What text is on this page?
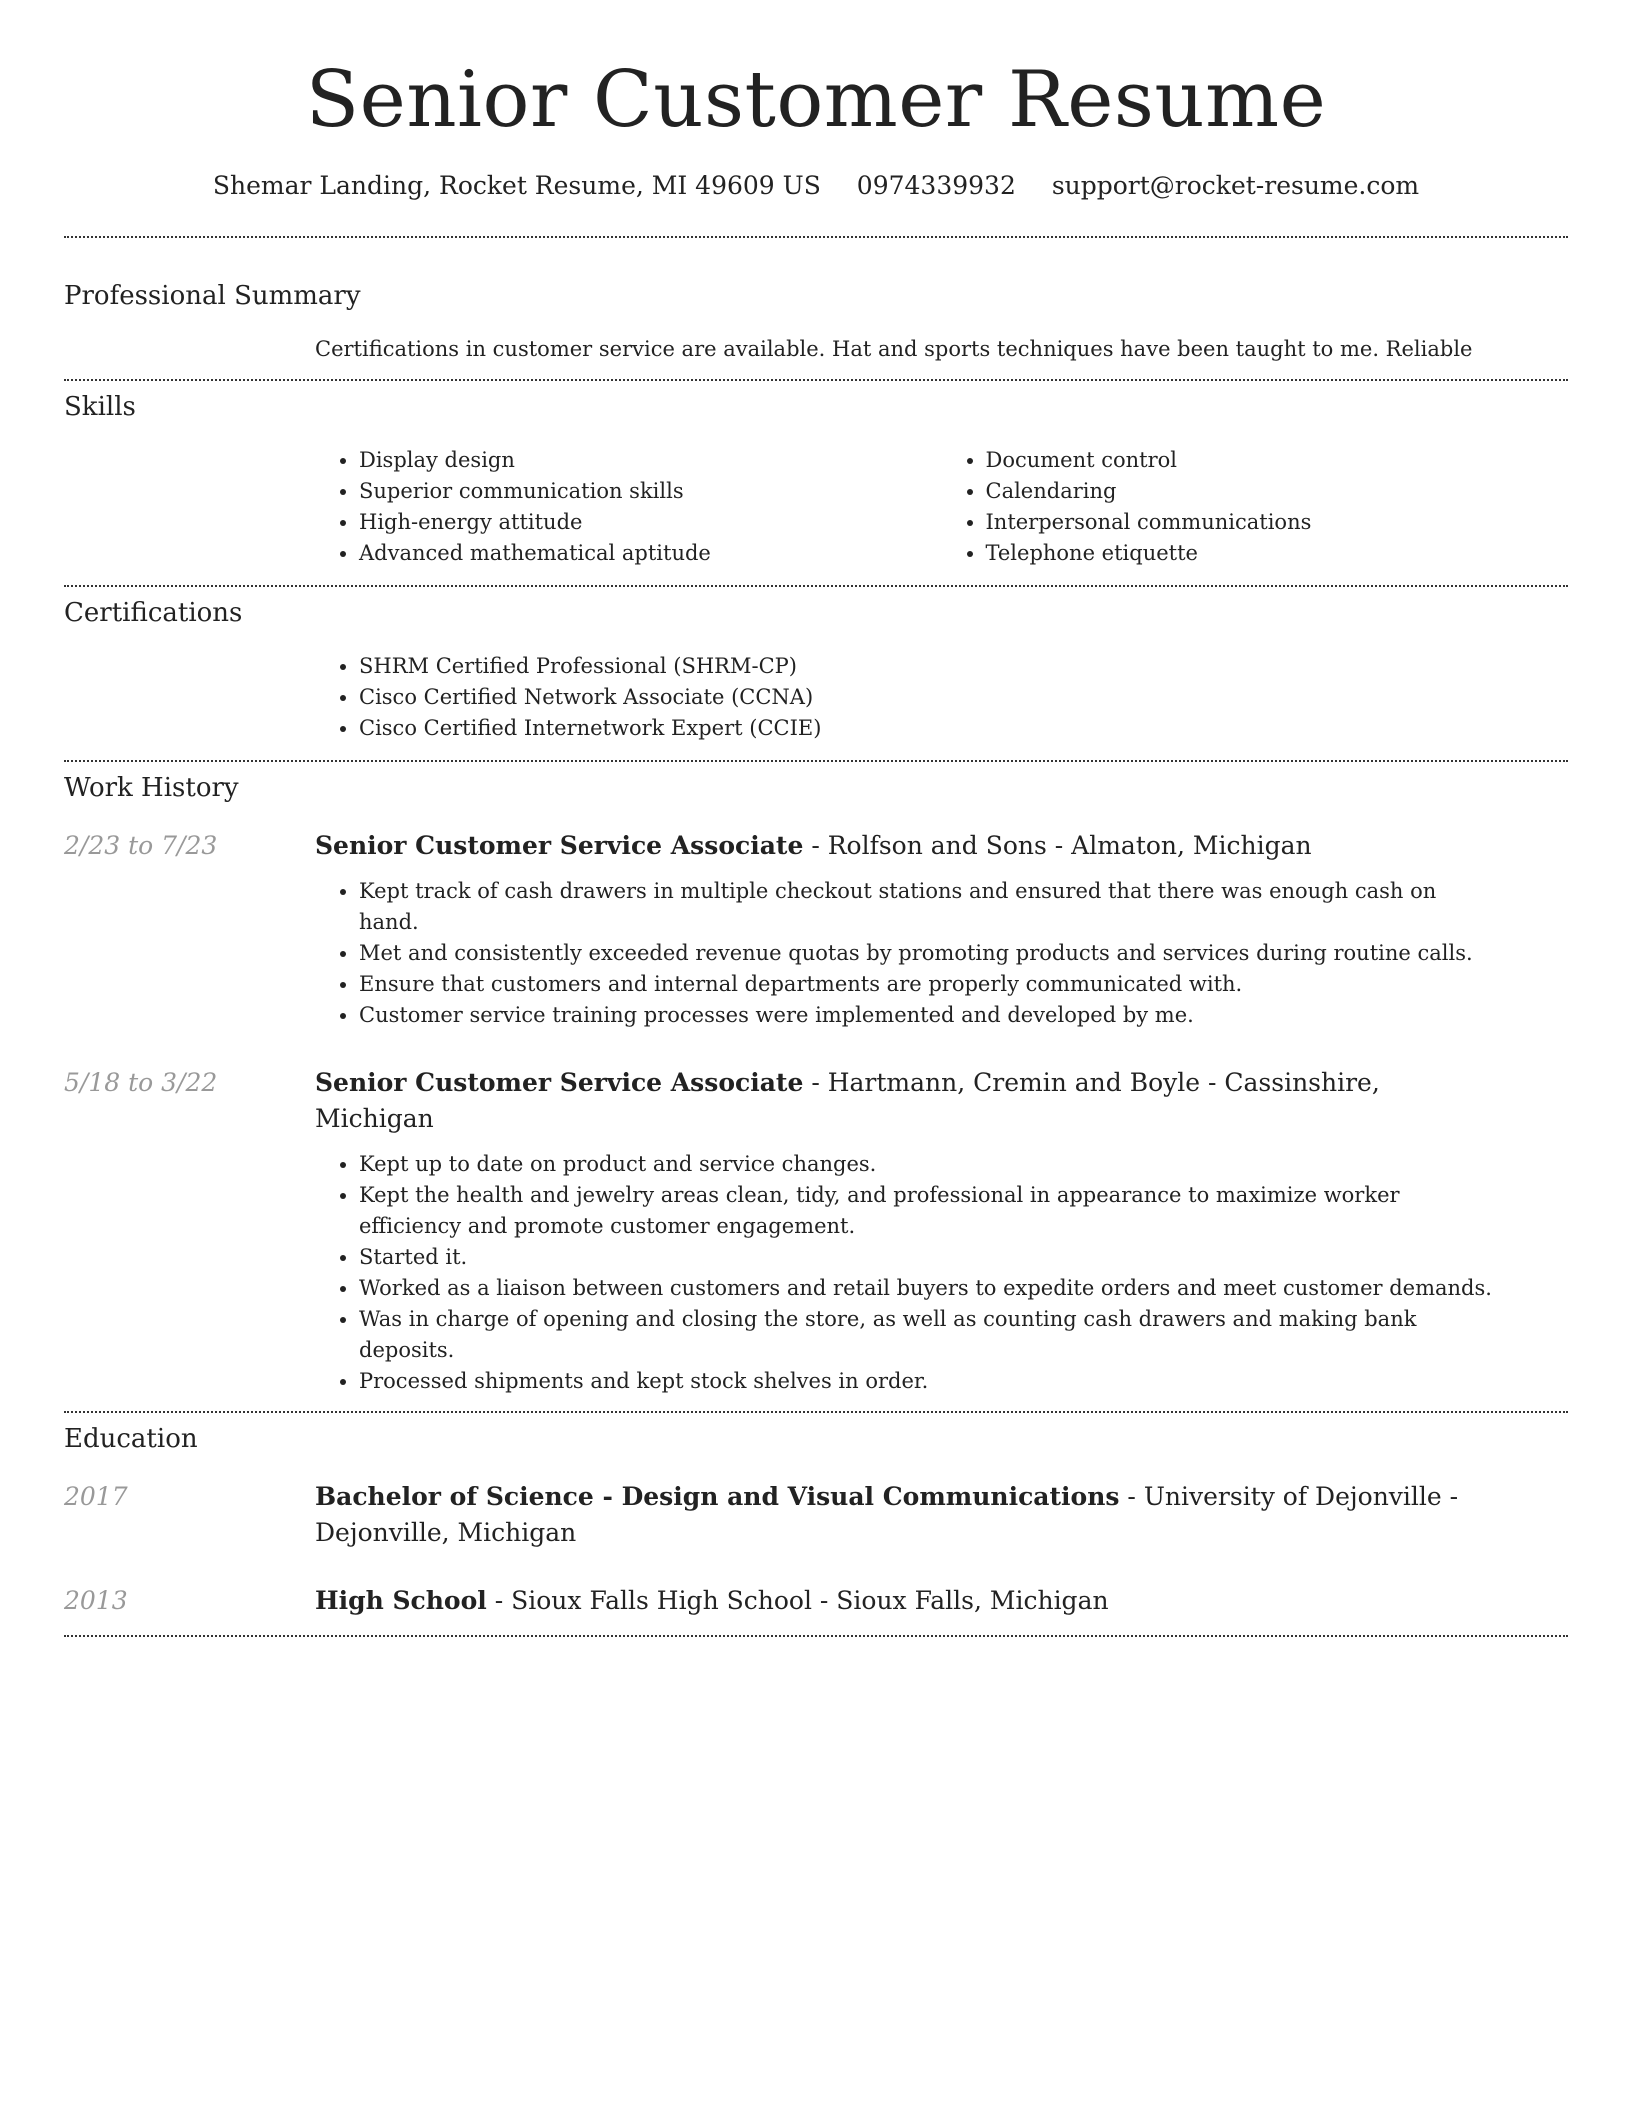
Senior Customer Resume
Shemar Landing, Rocket Resume, MI 49609 US 0974339932 support@rocket-resume.com
Professional Summary
Certifications in customer service are available. Hat and sports techniques have been taught to me. Reliable
Skills
• Display design
• Superior communication skills
• High-energy attitude
• Advanced mathematical aptitude
• Document control
• Calendaring
• Interpersonal communications
• Telephone etiquette
Certifications
• SHRM Certified Professional (SHRM-CP)
• Cisco Certified Network Associate (CCNA)
• Cisco Certified Internetwork Expert (CCIE)
Work History
2/23 to 7/23	Senior Customer Service Associate - Rolfson and Sons - Almaton, Michigan
• Kept track of cash drawers in multiple checkout stations and ensured that there was enough cash on hand.
• Met and consistently exceeded revenue quotas by promoting products and services during routine calls.
• Ensure that customers and internal departments are properly communicated with.
• Customer service training processes were implemented and developed by me.
5/18 to 3/22	Senior Customer Service Associate - Hartmann, Cremin and Boyle - Cassinshire, Michigan
• Kept up to date on product and service changes.
• Kept the health and jewelry areas clean, tidy, and professional in appearance to maximize worker efficiency and promote customer engagement.
• Started it.
• Worked as a liaison between customers and retail buyers to expedite orders and meet customer demands.
• Was in charge of opening and closing the store, as well as counting cash drawers and making bank deposits.
• Processed shipments and kept stock shelves in order.
Education
2017	Bachelor of Science - Design and Visual Communications - University of Dejonville - Dejonville, Michigan
2013	High School - Sioux Falls High School - Sioux Falls, Michigan
